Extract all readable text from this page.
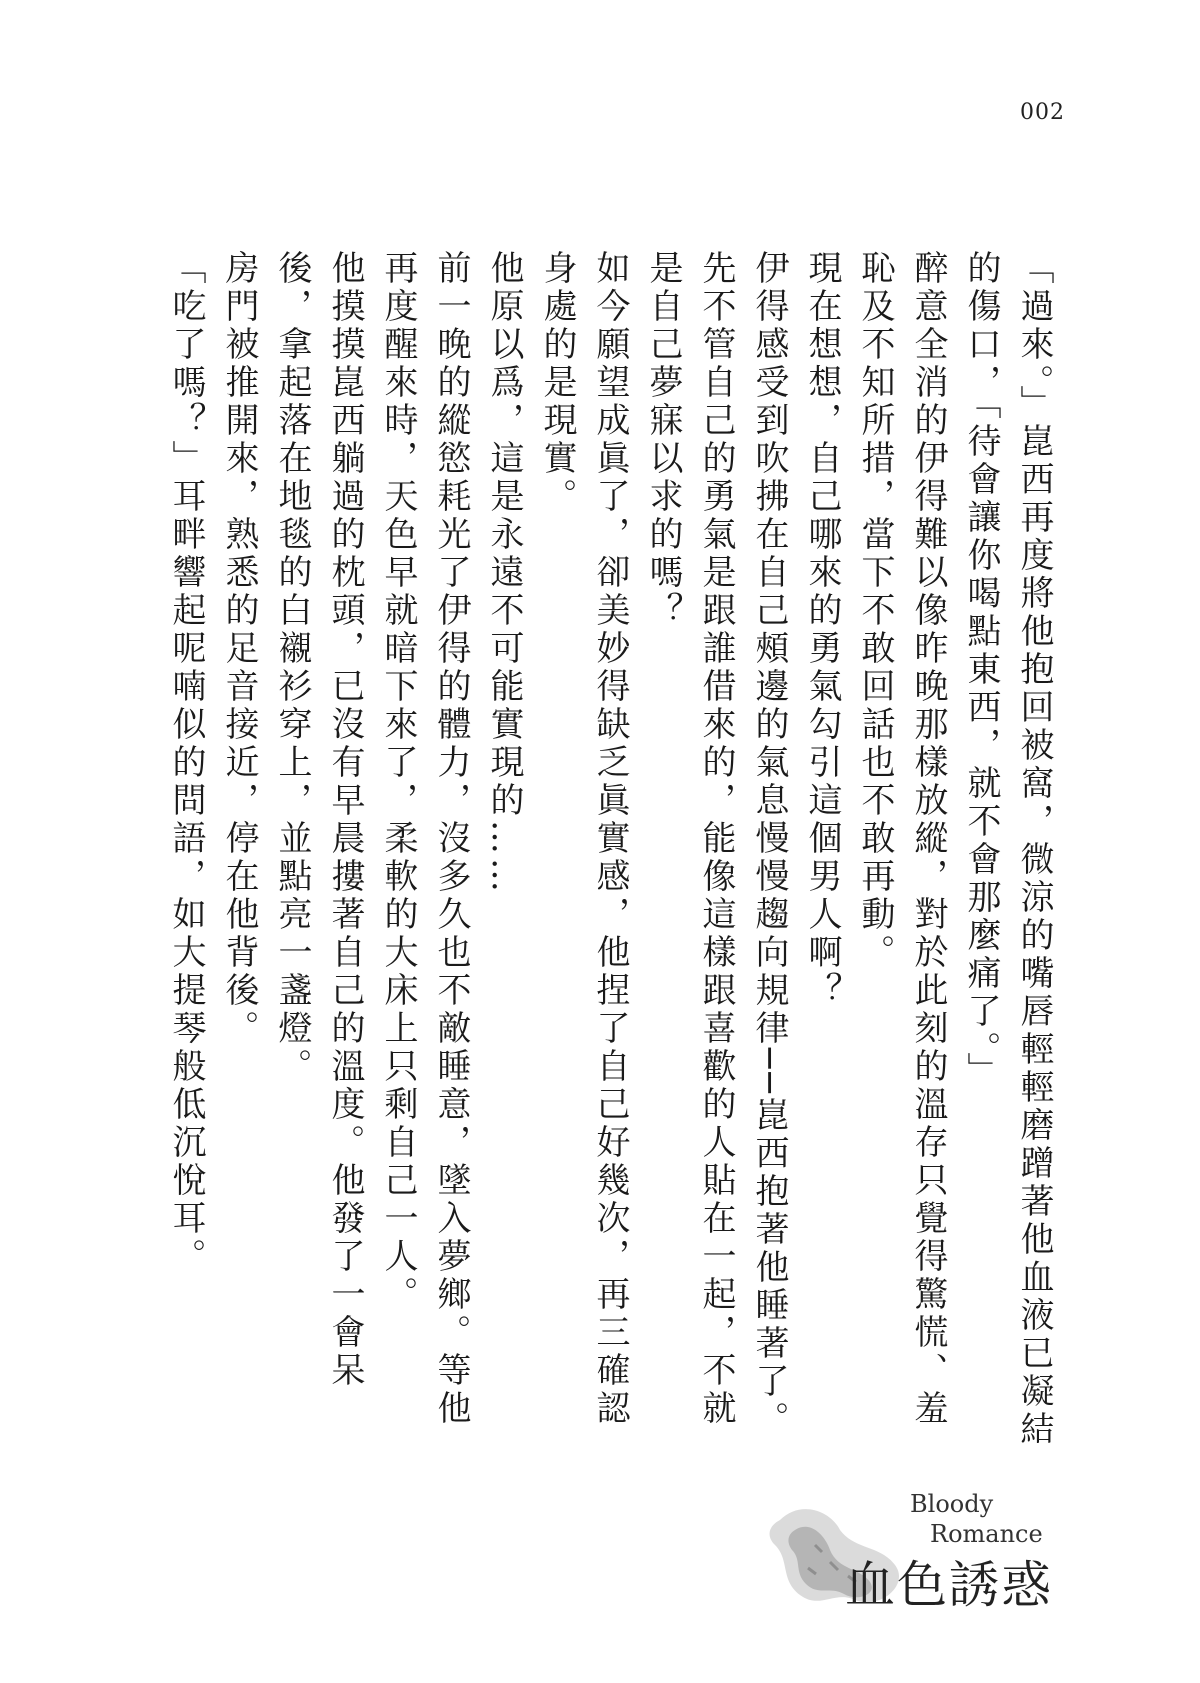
002

「過來。」崑西再度將他抱回被窩，微涼的嘴唇輕輕磨蹭著他血液已凝結的傷口，「待會讓你喝點東西，就不會那麼痛了。」

醉意全消的伊得難以像昨晚那樣放縱，對於此刻的溫存只覺得驚慌、羞恥及不知所措，當下不敢回話也不敢再動。

現在想想，自己哪來的勇氣勾引這個男人啊？

伊得感受到吹拂在自己頰邊的氣息慢慢趨向規律──崑西抱著他睡著了。

先不管自己的勇氣是跟誰借來的，能像這樣跟喜歡的人貼在一起，不就是自己夢寐以求的嗎？

如今願望成眞了，卻美妙得缺乏眞實感，他捏了自己好幾次，再三確認身處的是現實。

他原以爲，這是永遠不可能實現的……

前一晚的縱慾耗光了伊得的體力，沒多久也不敵睡意，墜入夢鄉。等他再度醒來時，天色早就暗下來了，柔軟的大床上只剩自己一人。

他摸摸崑西躺過的枕頭，已沒有早晨摟著自己的溫度。他發了一會呆後，拿起落在地毯的白襯衫穿上，並點亮一盞燈。

房門被推開來，熟悉的足音接近，停在他背後。

「吃了嗎？」耳畔響起呢喃似的問語，如大提琴般低沉悅耳。

Bloody
Romance
血色誘惑
